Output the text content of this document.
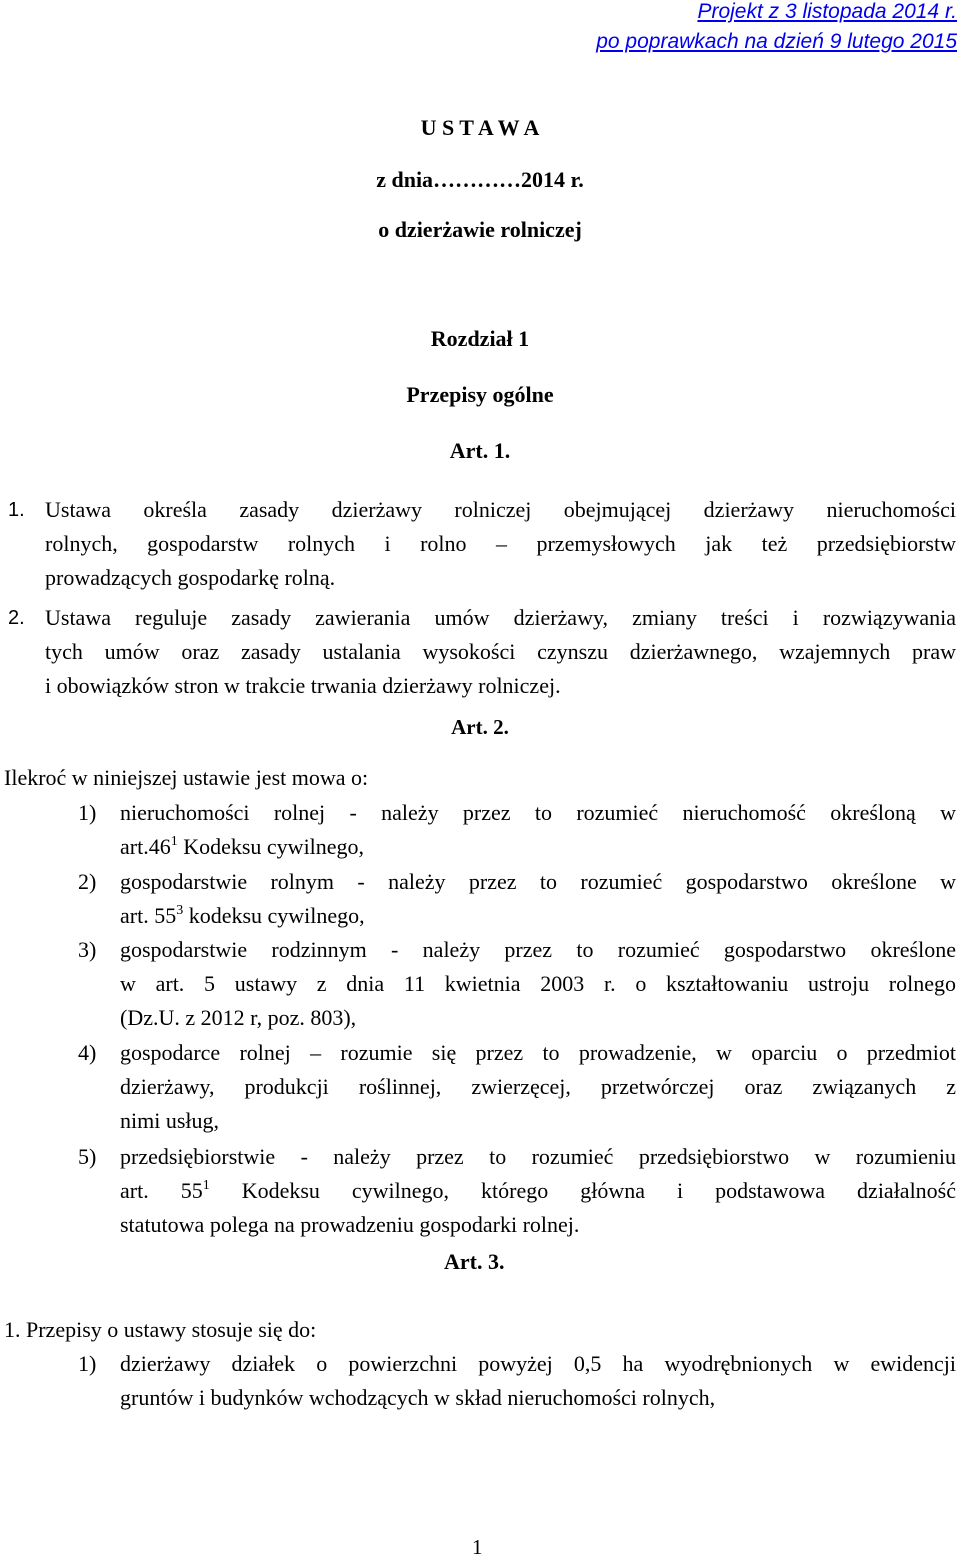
Projekt z 3 listopada 2014 r.
po poprawkach na dzień 9 lutego 2015
U S T A W A
z dnia…………2014 r.
o dzierżawie rolniczej
Rozdział 1
Przepisy ogólne
Art. 1.
1. Ustawa określa zasady dzierżawy rolniczej obejmującej dzierżawy nieruchomości
rolnych, gospodarstw rolnych i rolno – przemysłowych jak też przedsiębiorstw
prowadzących gospodarkę rolną.
2. Ustawa reguluje zasady zawierania umów dzierżawy, zmiany treści i rozwiązywania
tych umów oraz zasady ustalania wysokości czynszu dzierżawnego, wzajemnych praw
i obowiązków stron w trakcie trwania dzierżawy rolniczej.
Art. 2.
Ilekroć w niniejszej ustawie jest mowa o:
1) nieruchomości rolnej - należy przez to rozumieć nieruchomość określoną w
$art.46^1$ Kodeksu cywilnego,
2) gospodarstwie rolnym - należy przez to rozumieć gospodarstwo określone w
art. $55^3$ kodeksu cywilnego,
3) gospodarstwie rodzinnym - należy przez to rozumieć gospodarstwo określone
w art. 5 ustawy z dnia 11 kwietnia 2003 r. o kształtowaniu ustroju rolnego
(Dz.U. z 2012 r, poz. 803),
4) gospodarce rolnej – rozumie się przez to prowadzenie, w oparciu o przedmiot
dzierżawy, produkcji roślinnej, zwierzęcej, przetwórczej oraz związanych z
nimi usług,
5) przedsiębiorstwie - należy przez to rozumieć przedsiębiorstwo w rozumieniu
art. $55^1$ Kodeksu cywilnego, którego główna i podstawowa działalność
statutowa polega na prowadzeniu gospodarki rolnej.
Art. 3.
1. Przepisy o ustawy stosuje się do:
1) dzierżawy działek o powierzchni powyżej 0,5 ha wyodrębnionych w ewidencji
gruntów i budynków wchodzących w skład nieruchomości rolnych,
1
